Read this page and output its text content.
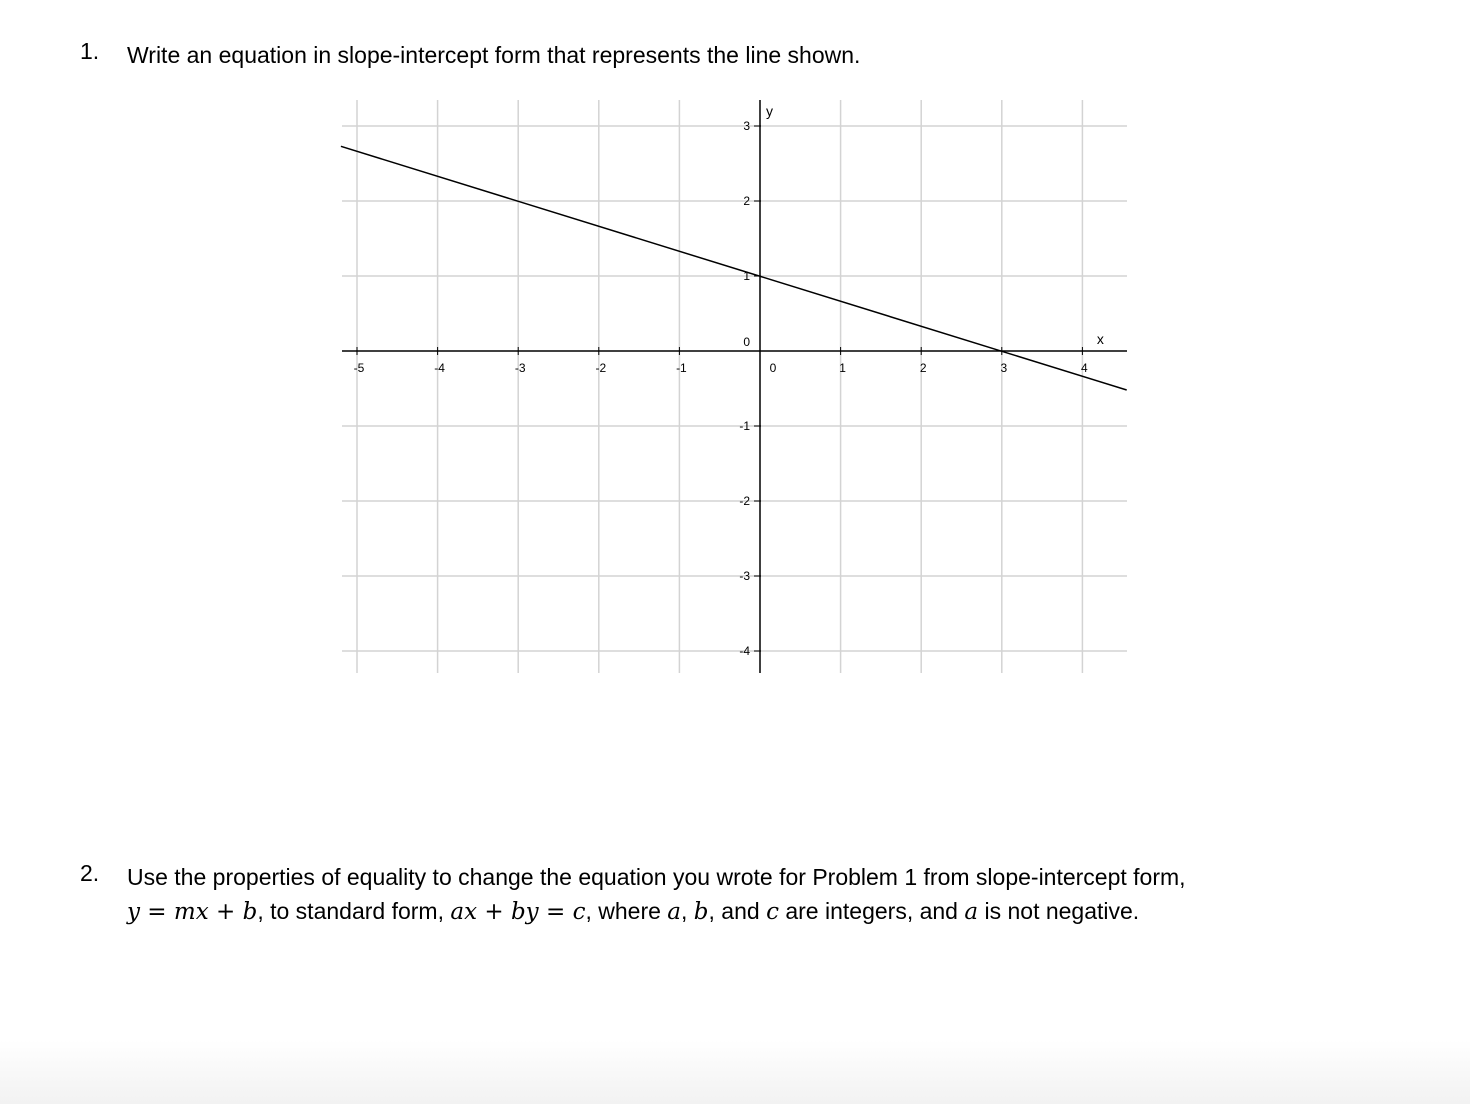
1. Write an equation in slope-intercept form that represents the line shown.
-5	-4	-3	-2	-1	0	1	2	3	4
3
2
1
0
-1
-2
-3
-4
x
y
2. Use the properties of equality to change the equation you wrote for Problem 1 from slope-intercept form,
y = mx + b, to standard form, ax + by = c, where a, b, and c are integers, and a is not negative.
